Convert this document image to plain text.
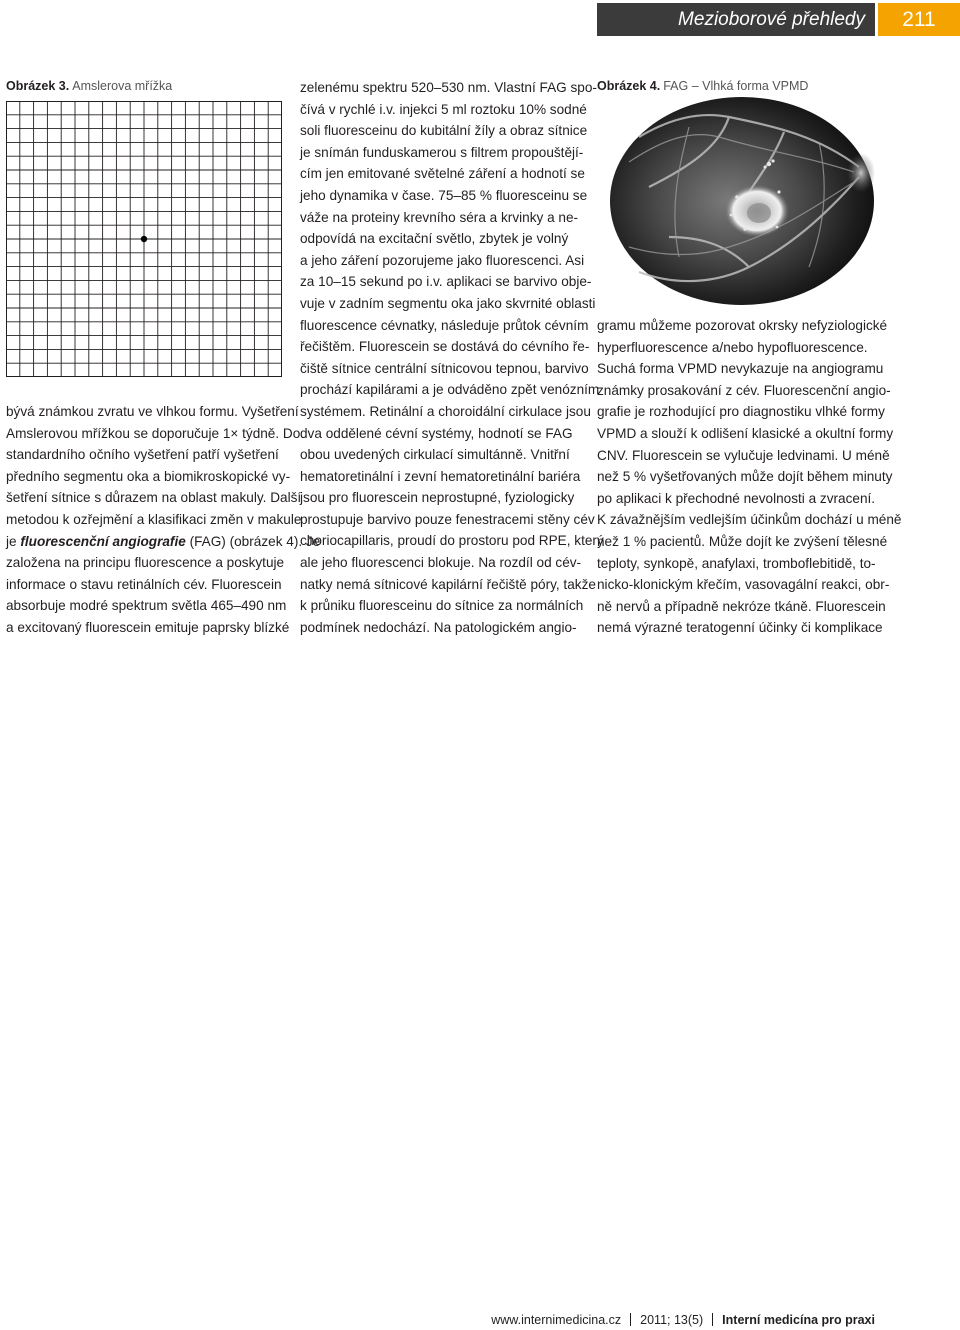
Mezioborové přehledy	211
Obrázek 3. Amslerova mřížka	Obrázek 4. FAG – Vlhká forma VPMD

bývá známkou zvratu ve vlhkou formu. Vyšetření

Amslerovou mřížkou se doporučuje 1× týdně. Do

standardního očního vyšetření patří vyšetření

předního segmentu oka a biomikroskopické vy-

šetření sítnice s důrazem na oblast makuly. Další

metodou k ozřejmění a klasifikaci změn v makule

je fluorescenční angiografie (FAG) (obrázek 4). Je

založena na principu fluorescence a poskytuje

informace o stavu retinálních cév. Fluorescein

absorbuje modré spektrum světla 465–490 nm

a excitovaný fluorescein emituje paprsky blízké

zelenému spektru 520–530 nm. Vlastní FAG spo-

čívá v rychlé i.v. injekci 5 ml roztoku 10% sodné

soli fluoresceinu do kubitální žíly a obraz sítnice

je snímán funduskamerou s filtrem propouštějí-

cím jen emitované světelné záření a hodnotí se

jeho dynamika v čase. 75–85 % fluoresceinu se

váže na proteiny krevního séra a krvinky a ne-

odpovídá na excitační světlo, zbytek je volný

a jeho záření pozorujeme jako fluorescenci. Asi

za 10–15 sekund po i.v. aplikaci se barvivo obje-

vuje v zadním segmentu oka jako skvrnité oblasti

fluorescence cévnatky, následuje průtok cévním

řečištěm. Fluorescein se dostává do cévního ře-

čiště sítnice centrální sítnicovou tepnou, barvivo

prochází kapilárami a je odváděno zpět venózním

systémem. Retinální a choroidální cirkulace jsou

dva oddělené cévní systémy, hodnotí se FAG

obou uvedených cirkulací simultánně. Vnitřní

hematoretinální i zevní hematoretinální bariéra

jsou pro fluorescein neprostupné, fyziologicky

prostupuje barvivo pouze fenestracemi stěny cév

choriocapillaris, proudí do prostoru pod RPE, který

ale jeho fluorescenci blokuje. Na rozdíl od cév-

natky nemá sítnicové kapilární řečiště póry, takže

k průniku fluoresceinu do sítnice za normálních

podmínek nedochází. Na patologickém angio-

gramu můžeme pozorovat okrsky nefyziologické

hyperfluorescence a/nebo hypofluorescence.

Suchá forma VPMD nevykazuje na angiogramu

známky prosakování z cév. Fluorescenční angio-

grafie je rozhodující pro diagnostiku vlhké formy

VPMD a slouží k odlišení klasické a okultní formy

CNV. Fluorescein se vylučuje ledvinami. U méně

než 5 % vyšetřovaných může dojít během minuty

po aplikaci k přechodné nevolnosti a zvracení.

K závažnějším vedlejším účinkům dochází u méně

než 1 % pacientů. Může dojít ke zvýšení tělesné

teploty, synkopě, anafylaxi, tromboflebitidě, to-

nicko-klonickým křečím, vasovagální reakci, obr-

ně nervů a případně nekróze tkáně. Fluorescein

nemá výrazné teratogenní účinky či komplikace

www.internimedicina.cz 2011; 13(5) Interní medicína pro praxi
